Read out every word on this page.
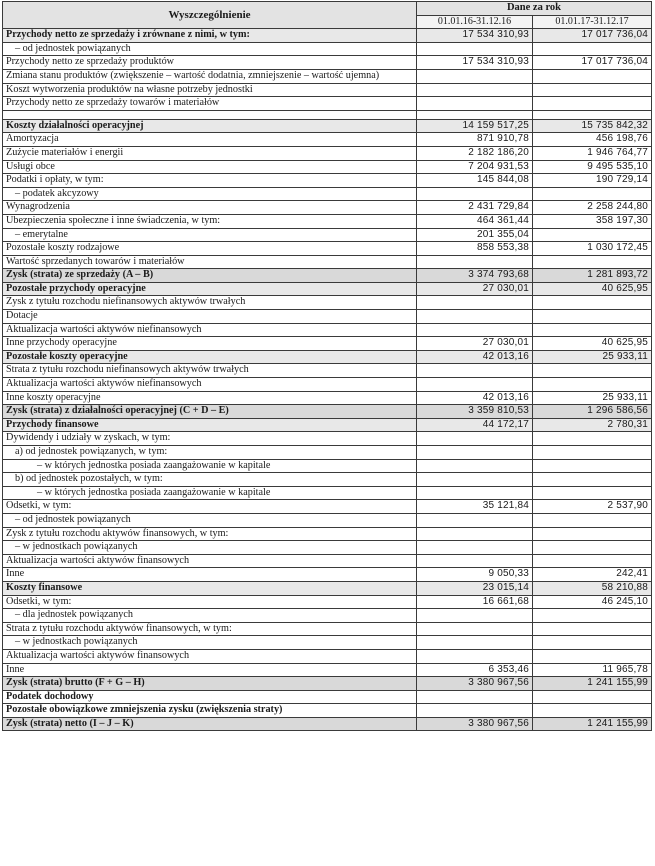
Wyszczególnienie	Dane za rok	
	01.01.16-31.12.16	01.01.17-31.12.17
Przychody netto ze sprzedaży i zrównane z nimi, w tym:	17 534 310,93	17 017 736,04
– od jednostek powiązanych		
Przychody netto ze sprzedaży produktów	17 534 310,93	17 017 736,04
Zmiana stanu produktów (zwiększenie – wartość dodatnia, zmniejszenie – wartość ujemna)		
Koszt wytworzenia produktów na własne potrzeby jednostki		
Przychody netto ze sprzedaży towarów i materiałów		

Koszty działalności operacyjnej	14 159 517,25	15 735 842,32
Amortyzacja	871 910,78	456 198,76
Zużycie materiałów i energii	2 182 186,20	1 946 764,77
Usługi obce	7 204 931,53	9 495 535,10
Podatki i opłaty, w tym:	145 844,08	190 729,14
– podatek akcyzowy		
Wynagrodzenia	2 431 729,84	2 258 244,80
Ubezpieczenia społeczne i inne świadczenia, w tym:	464 361,44	358 197,30
– emerytalne	201 355,04	
Pozostałe koszty rodzajowe	858 553,38	1 030 172,45
Wartość sprzedanych towarów i materiałów		
Zysk (strata) ze sprzedaży (A – B)	3 374 793,68	1 281 893,72
Pozostałe przychody operacyjne	27 030,01	40 625,95
Zysk z tytułu rozchodu niefinansowych aktywów trwałych		
Dotacje		
Aktualizacja wartości aktywów niefinansowych		
Inne przychody operacyjne	27 030,01	40 625,95
Pozostałe koszty operacyjne	42 013,16	25 933,11
Strata z tytułu rozchodu niefinansowych aktywów trwałych		
Aktualizacja wartości aktywów niefinansowych		
Inne koszty operacyjne	42 013,16	25 933,11
Zysk (strata) z działalności operacyjnej (C + D – E)	3 359 810,53	1 296 586,56
Przychody finansowe	44 172,17	2 780,31
Dywidendy i udziały w zyskach, w tym:		
a) od jednostek powiązanych, w tym:		
– w których jednostka posiada zaangażowanie w kapitale		
b) od jednostek pozostałych, w tym:		
– w których jednostka posiada zaangażowanie w kapitale		
Odsetki, w tym:	35 121,84	2 537,90
– od jednostek powiązanych		
Zysk z tytułu rozchodu aktywów finansowych, w tym:		
– w jednostkach powiązanych		
Aktualizacja wartości aktywów finansowych		
Inne	9 050,33	242,41
Koszty finansowe	23 015,14	58 210,88
Odsetki, w tym:	16 661,68	46 245,10
– dla jednostek powiązanych		
Strata z tytułu rozchodu aktywów finansowych, w tym:		
– w jednostkach powiązanych		
Aktualizacja wartości aktywów finansowych		
Inne	6 353,46	11 965,78
Zysk (strata) brutto (F + G – H)	3 380 967,56	1 241 155,99
Podatek dochodowy		
Pozostałe obowiązkowe zmniejszenia zysku (zwiększenia straty)		
Zysk (strata) netto (I – J – K)	3 380 967,56	1 241 155,99
